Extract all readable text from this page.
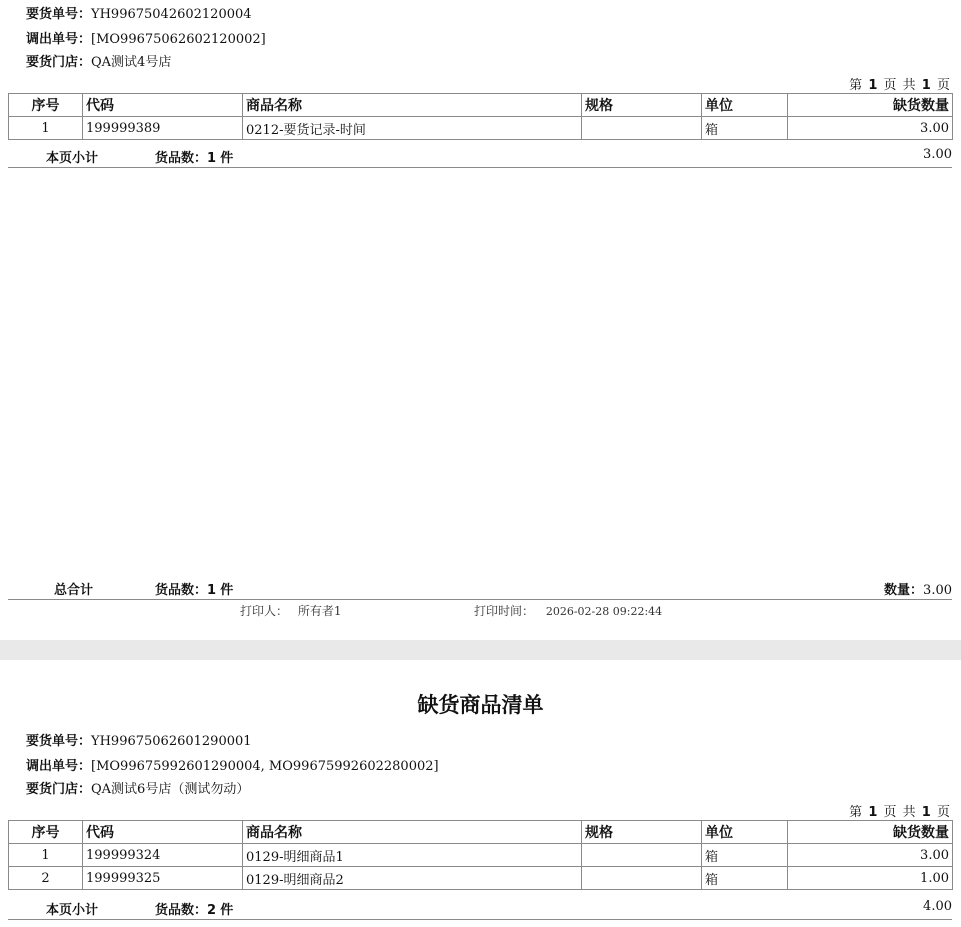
要货单号：YH99675042602120004
调出单号：[MO99675062602120002]
要货门店：QA测试4号店
第 1 页 共 1 页
序号	代码	商品名称	规格	单位	缺货数量
1	199999389	0212-要货记录-时间		箱	3.00
本页小计	货品数：1 件	3.00
总合计	货品数：1 件	数量：3.00
打印人： 所有者1	打印时间： 2026-02-28 09:22:44
缺货商品清单
要货单号：YH99675062601290001
调出单号：[MO99675992601290004, MO99675992602280002]
要货门店：QA测试6号店（测试勿动）
第 1 页 共 1 页
序号	代码	商品名称	规格	单位	缺货数量
1	199999324	0129-明细商品1		箱	3.00
2	199999325	0129-明细商品2		箱	1.00
本页小计	货品数：2 件	4.00
